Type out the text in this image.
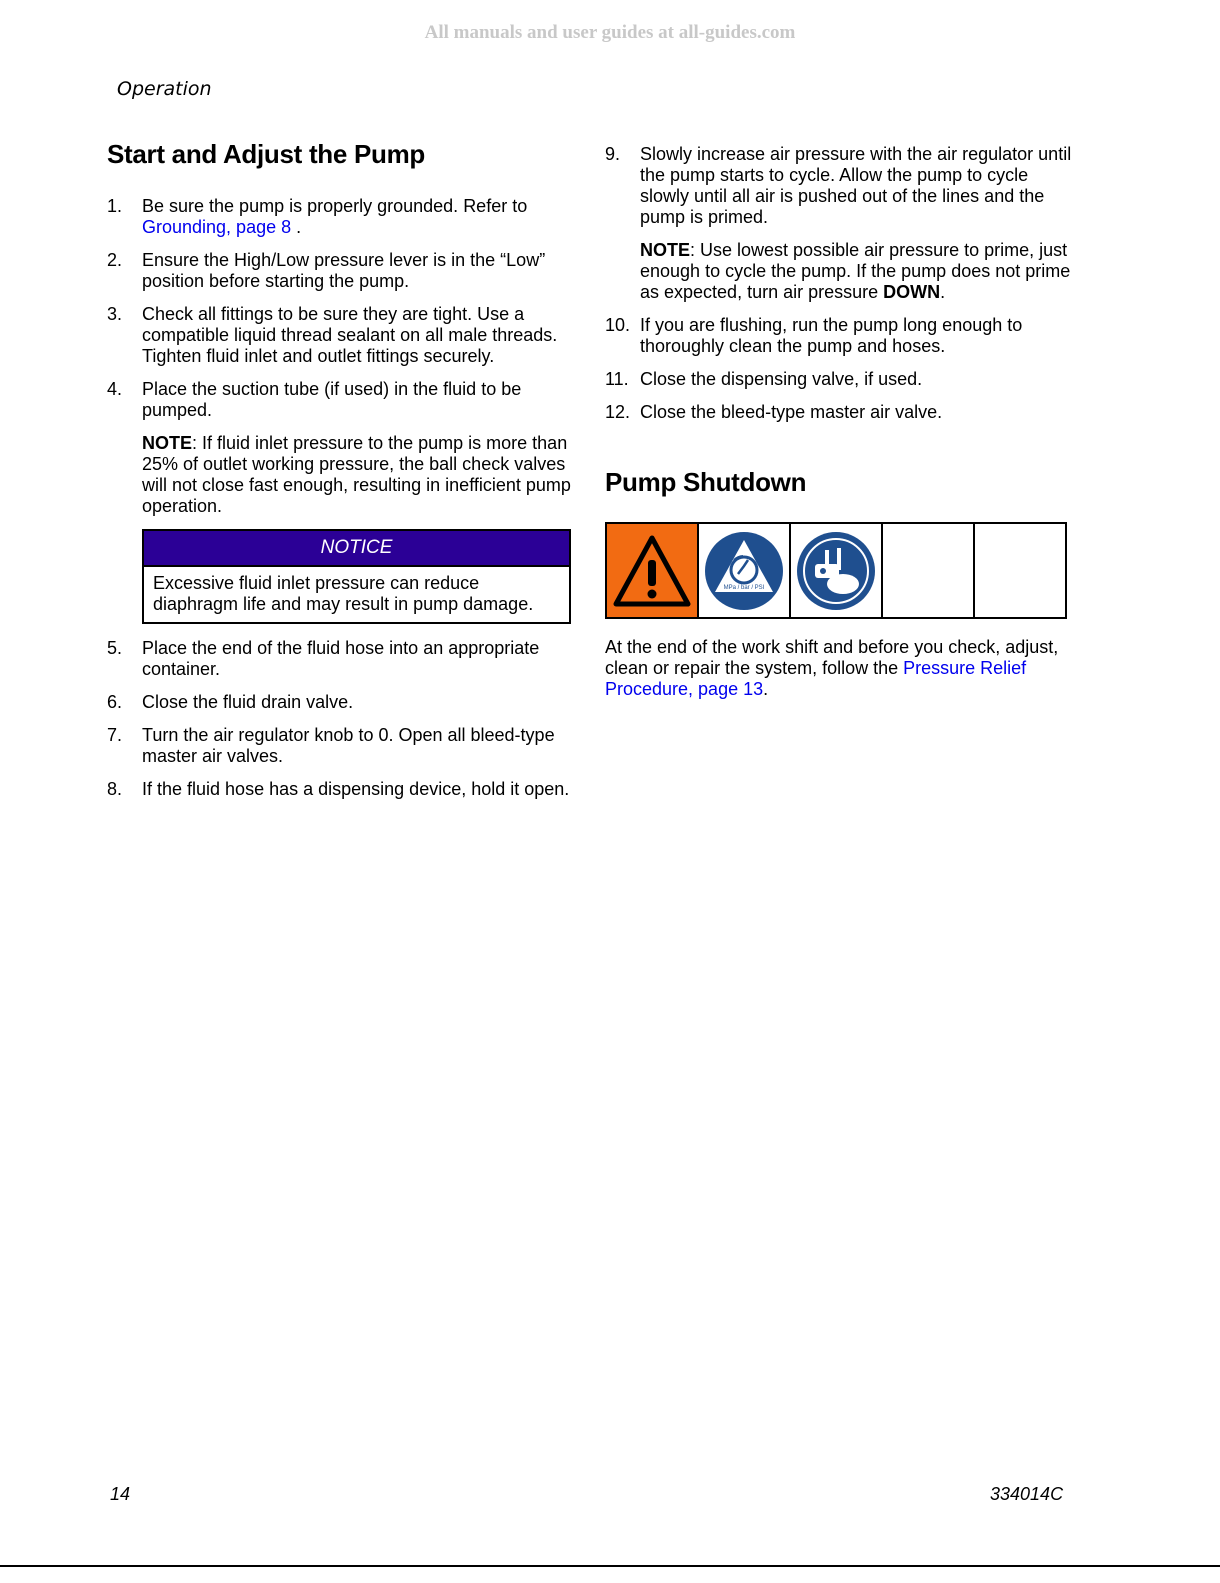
All manuals and user guides at all-guides.com
Operation
Start and Adjust the Pump
1. Be sure the pump is properly grounded. Refer to Grounding, page 8 .
2. Ensure the High/Low pressure lever is in the “Low” position before starting the pump.
3. Check all fittings to be sure they are tight. Use a compatible liquid thread sealant on all male threads. Tighten fluid inlet and outlet fittings securely.
4. Place the suction tube (if used) in the fluid to be pumped.

NOTE: If fluid inlet pressure to the pump is more than 25% of outlet working pressure, the ball check valves will not close fast enough, resulting in inefficient pump operation.

NOTICE
Excessive fluid inlet pressure can reduce diaphragm life and may result in pump damage.
5. Place the end of the fluid hose into an appropriate container.
6. Close the fluid drain valve.
7. Turn the air regulator knob to 0. Open all bleed-type master air valves.
8. If the fluid hose has a dispensing device, hold it open.
9. Slowly increase air pressure with the air regulator until the pump starts to cycle. Allow the pump to cycle slowly until all air is pushed out of the lines and the pump is primed.

NOTE: Use lowest possible air pressure to prime, just enough to cycle the pump. If the pump does not prime as expected, turn air pressure DOWN.

10. If you are flushing, run the pump long enough to thoroughly clean the pump and hoses.
11. Close the dispensing valve, if used.
12. Close the bleed-type master air valve.
Pump Shutdown
MPa / bar / PSI

At the end of the work shift and before you check, adjust, clean or repair the system, follow the Pressure Relief Procedure, page 13.

14	334014C
